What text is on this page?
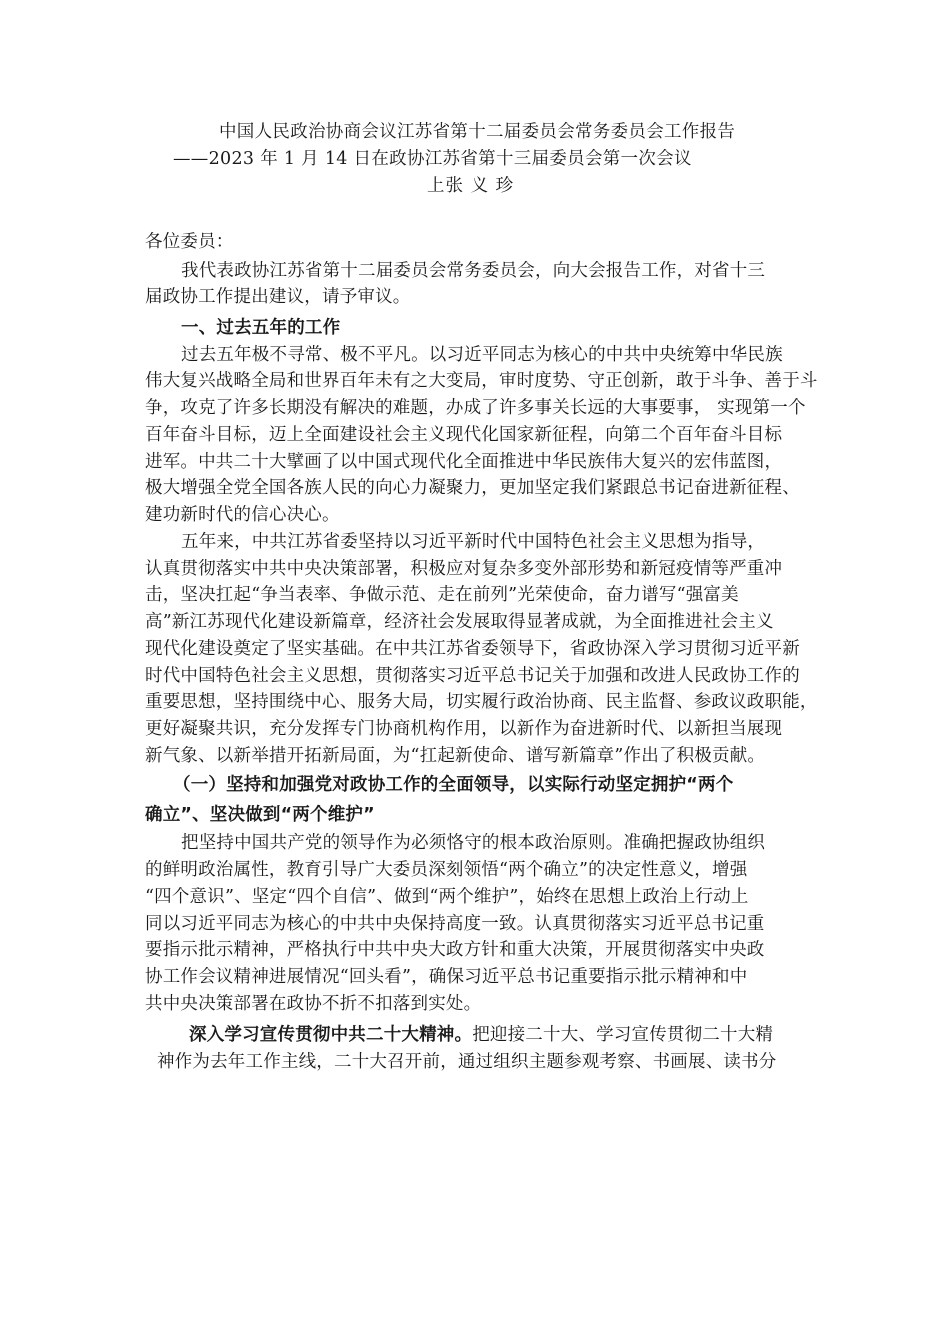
中国人民政治协商会议江苏省第十二届委员会常务委员会工作报告
——2023 年 1 月 14 日在政协江苏省第十三届委员会第一次会议
上张 义 珍
各位委员：
我代表政协江苏省第十二届委员会常务委员会，向大会报告工作，对省十三
届政协工作提出建议，请予审议。
一、过去五年的工作
过去五年极不寻常、极不平凡。以习近平同志为核心的中共中央统筹中华民族
伟大复兴战略全局和世界百年未有之大变局，审时度势、守正创新，敢于斗争、善于斗
争，攻克了许多长期没有解决的难题，办成了许多事关长远的大事要事， 实现第一个
百年奋斗目标，迈上全面建设社会主义现代化国家新征程，向第二个百年奋斗目标
进军。中共二十大擘画了以中国式现代化全面推进中华民族伟大复兴的宏伟蓝图，
极大增强全党全国各族人民的向心力凝聚力，更加坚定我们紧跟总书记奋进新征程、
建功新时代的信心决心。
五年来，中共江苏省委坚持以习近平新时代中国特色社会主义思想为指导，
认真贯彻落实中共中央决策部署，积极应对复杂多变外部形势和新冠疫情等严重冲
击，坚决扛起“争当表率、争做示范、走在前列”光荣使命，奋力谱写“强富美
高”新江苏现代化建设新篇章，经济社会发展取得显著成就，为全面推进社会主义
现代化建设奠定了坚实基础。在中共江苏省委领导下，省政协深入学习贯彻习近平新
时代中国特色社会主义思想，贯彻落实习近平总书记关于加强和改进人民政协工作的
重要思想，坚持围绕中心、服务大局，切实履行政治协商、民主监督、参政议政职能，
更好凝聚共识，充分发挥专门协商机构作用，以新作为奋进新时代、以新担当展现
新气象、以新举措开拓新局面，为“扛起新使命、谱写新篇章”作出了积极贡献。
（一）坚持和加强党对政协工作的全面领导，以实际行动坚定拥护“两个
确立”、坚决做到“两个维护”
把坚持中国共产党的领导作为必须恪守的根本政治原则。准确把握政协组织
的鲜明政治属性，教育引导广大委员深刻领悟“两个确立”的决定性意义，增强
“四个意识”、坚定“四个自信”、做到“两个维护”，始终在思想上政治上行动上
同以习近平同志为核心的中共中央保持高度一致。认真贯彻落实习近平总书记重
要指示批示精神，严格执行中共中央大政方针和重大决策，开展贯彻落实中央政
协工作会议精神进展情况“回头看”，确保习近平总书记重要指示批示精神和中
共中央决策部署在政协不折不扣落到实处。
深入学习宣传贯彻中共二十大精神。把迎接二十大、学习宣传贯彻二十大精
神作为去年工作主线，二十大召开前，通过组织主题参观考察、书画展、读书分
